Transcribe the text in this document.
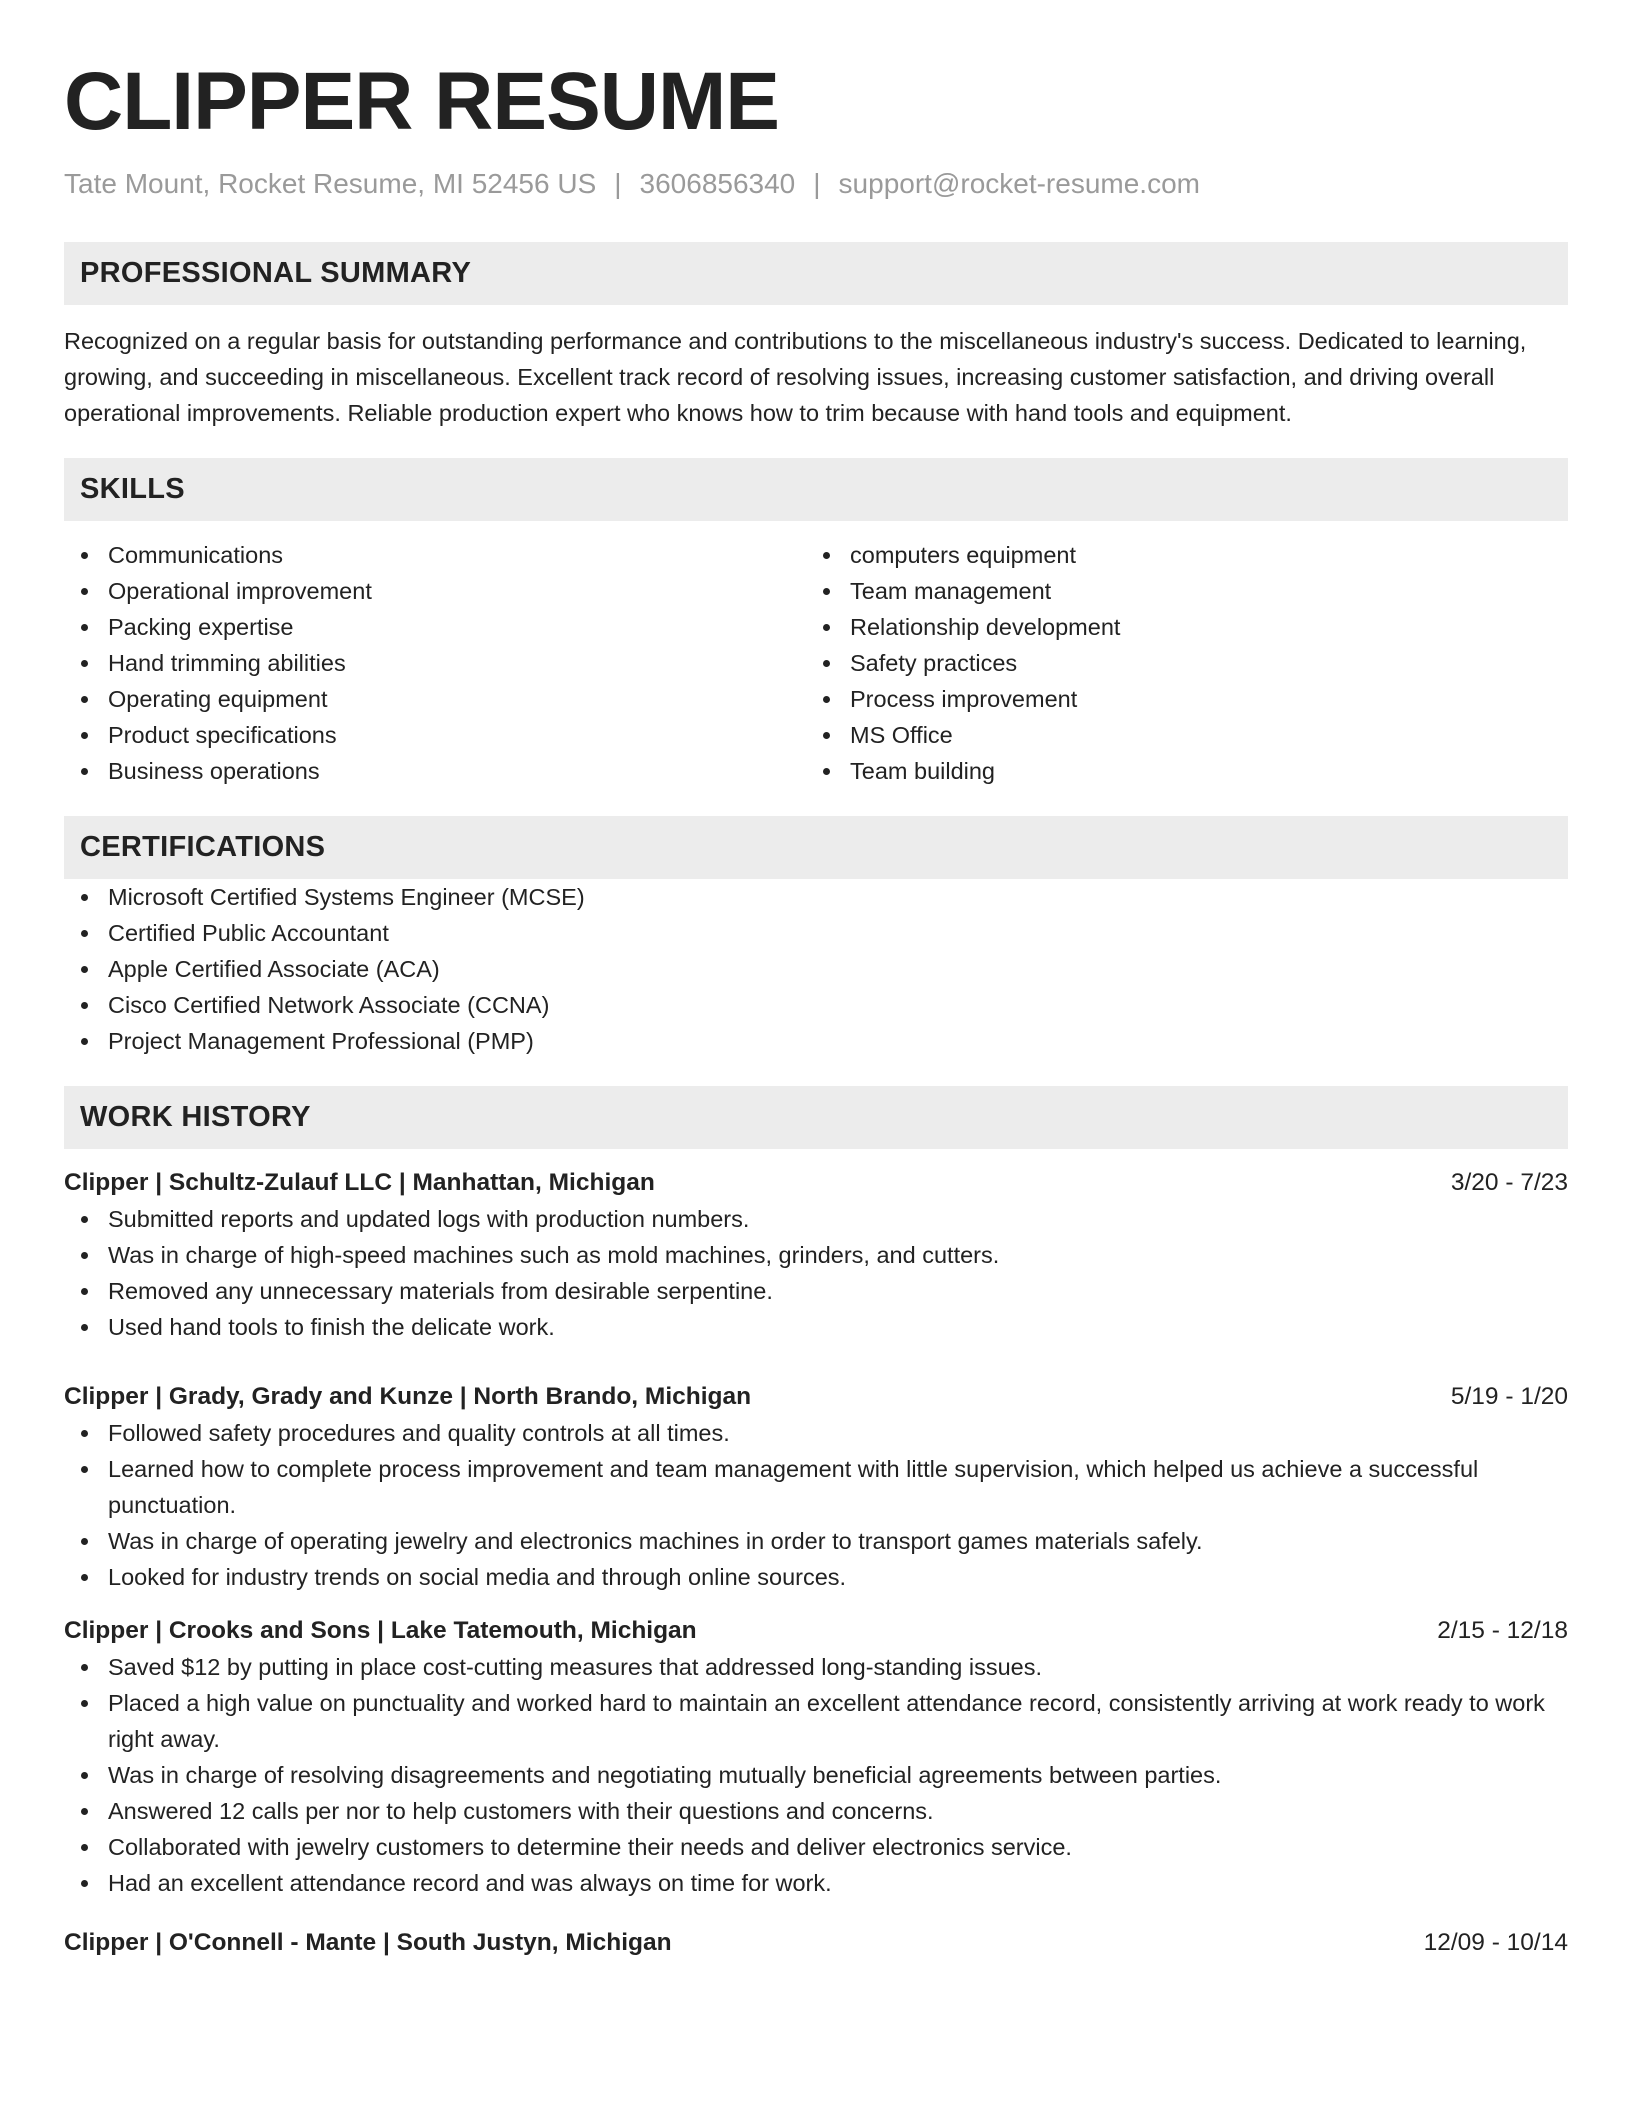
CLIPPER RESUME
Tate Mount, Rocket Resume, MI 52456 US | 3606856340 | support@rocket-resume.com
PROFESSIONAL SUMMARY

Recognized on a regular basis for outstanding performance and contributions to the miscellaneous industry's success. Dedicated to learning, growing, and succeeding in miscellaneous. Excellent track record of resolving issues, increasing customer satisfaction, and driving overall operational improvements. Reliable production expert who knows how to trim because with hand tools and equipment.

SKILLS
Communications
Operational improvement
Packing expertise
Hand trimming abilities
Operating equipment
Product specifications
Business operations
computers equipment
Team management
Relationship development
Safety practices
Process improvement
MS Office
Team building
CERTIFICATIONS
Microsoft Certified Systems Engineer (MCSE)
Certified Public Accountant
Apple Certified Associate (ACA)
Cisco Certified Network Associate (CCNA)
Project Management Professional (PMP)
WORK HISTORY
Clipper | Schultz-Zulauf LLC | Manhattan, Michigan	3/20 - 7/23
Submitted reports and updated logs with production numbers.
Was in charge of high-speed machines such as mold machines, grinders, and cutters.
Removed any unnecessary materials from desirable serpentine.
Used hand tools to finish the delicate work.
Clipper | Grady, Grady and Kunze | North Brando, Michigan	5/19 - 1/20
Followed safety procedures and quality controls at all times.
Learned how to complete process improvement and team management with little supervision, which helped us achieve a successful punctuation.
Was in charge of operating jewelry and electronics machines in order to transport games materials safely.
Looked for industry trends on social media and through online sources.
Clipper | Crooks and Sons | Lake Tatemouth, Michigan	2/15 - 12/18
Saved $12 by putting in place cost-cutting measures that addressed long-standing issues.
Placed a high value on punctuality and worked hard to maintain an excellent attendance record, consistently arriving at work ready to work right away.
Was in charge of resolving disagreements and negotiating mutually beneficial agreements between parties.
Answered 12 calls per nor to help customers with their questions and concerns.
Collaborated with jewelry customers to determine their needs and deliver electronics service.
Had an excellent attendance record and was always on time for work.
Clipper | O'Connell - Mante | South Justyn, Michigan	12/09 - 10/14
